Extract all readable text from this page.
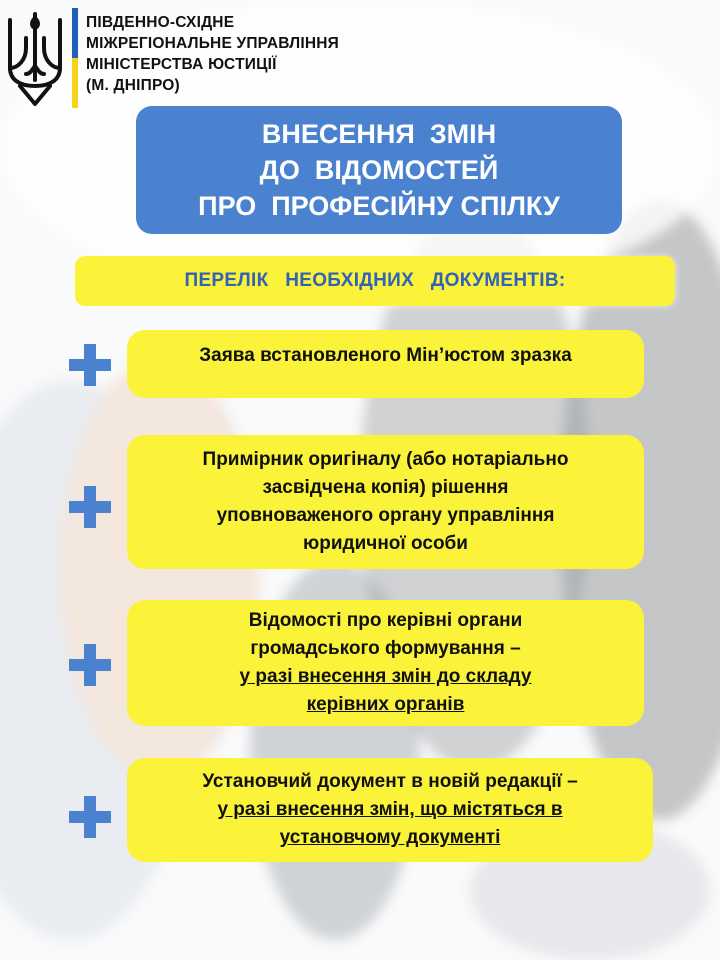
ПІВДЕННО-СХІДНЕ
МІЖРЕГІОНАЛЬНЕ УПРАВЛІННЯ
МІНІСТЕРСТВА ЮСТИЦІЇ
(М. ДНІПРО)
ВНЕСЕННЯ  ЗМІН
ДО  ВІДОМОСТЕЙ
ПРО  ПРОФЕСІЙНУ СПІЛКУ
ПЕРЕЛІК   НЕОБХІДНИХ   ДОКУМЕНТІВ:
Заява встановленого Мін’юстом зразка
Примірник оригіналу (або нотаріально
засвідчена копія) рішення
уповноваженого органу управління
юридичної особи
Відомості про керівні органи
громадського формування –
у разі внесення змін до складу
керівних органів
Установчий документ в новій редакції –
у разі внесення змін, що містяться в
установчому документі
